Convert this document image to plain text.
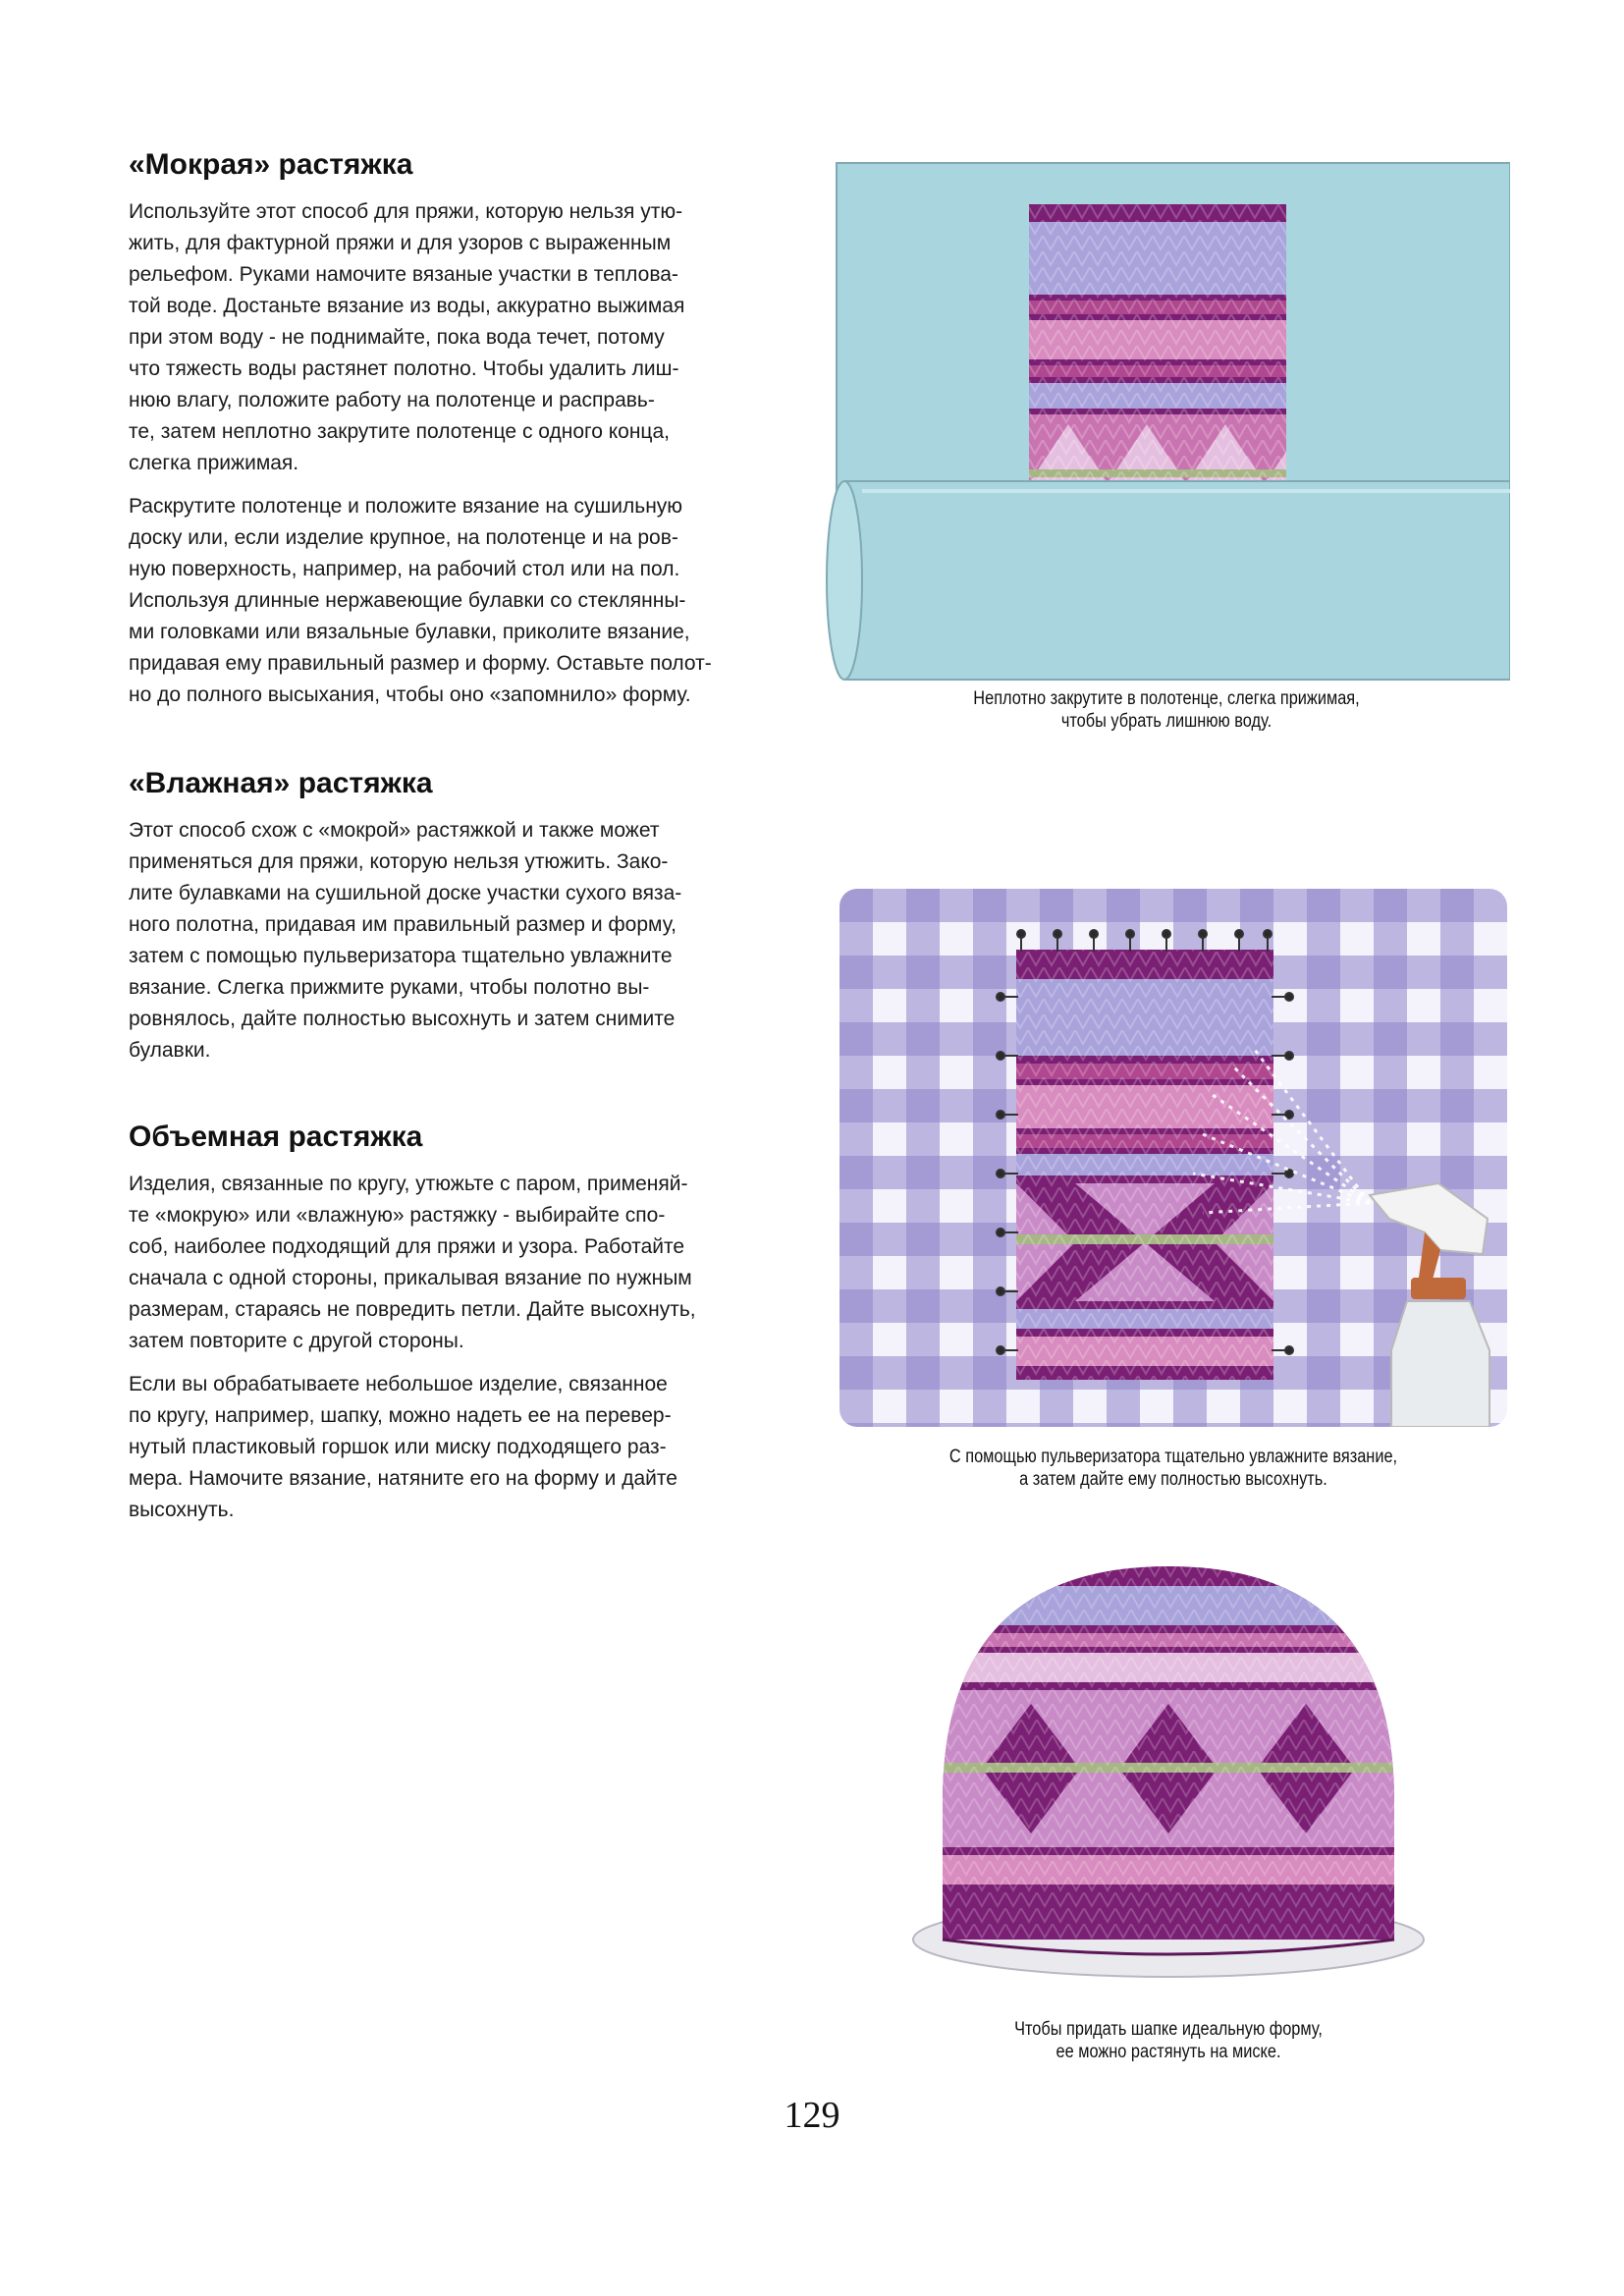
«Мокрая» растяжка

Используйте этот способ для пряжи, которую нельзя утю-
жить, для фактурной пряжи и для узоров с выраженным
рельефом. Руками намочите вязаные участки в теплова-
той воде. Достаньте вязание из воды, аккуратно выжимая
при этом воду - не поднимайте, пока вода течет, потому
что тяжесть воды растянет полотно. Чтобы удалить лиш-
нюю влагу, положите работу на полотенце и расправь-
те, затем неплотно закрутите полотенце с одного конца,
слегка прижимая.

Раскрутите полотенце и положите вязание на сушильную
доску или, если изделие крупное, на полотенце и на ров-
ную поверхность, например, на рабочий стол или на пол.
Используя длинные нержавеющие булавки со стеклянны-
ми головками или вязальные булавки, приколите вязание,
придавая ему правильный размер и форму. Оставьте полот-
но до полного высыхания, чтобы оно «запомнило» форму.

«Влажная» растяжка

Этот способ схож с «мокрой» растяжкой и также может
применяться для пряжи, которую нельзя утюжить. Зако-
лите булавками на сушильной доске участки сухого вяза-
ного полотна, придавая им правильный размер и форму,
затем с помощью пульверизатора тщательно увлажните
вязание. Слегка прижмите руками, чтобы полотно вы-
ровнялось, дайте полностью высохнуть и затем снимите
булавки.

Объемная растяжка

Изделия, связанные по кругу, утюжьте с паром, применяй-
те «мокрую» или «влажную» растяжку - выбирайте спо-
соб, наиболее подходящий для пряжи и узора. Работайте
сначала с одной стороны, прикалывая вязание по нужным
размерам, стараясь не повредить петли. Дайте высохнуть,
затем повторите с другой стороны.

Если вы обрабатываете небольшое изделие, связанное
по кругу, например, шапку, можно надеть ее на перевер-
нутый пластиковый горшок или миску подходящего раз-
мера. Намочите вязание, натяните его на форму и дайте
высохнуть.

Неплотно закрутите в полотенце, слегка прижимая,
чтобы убрать лишнюю воду.
С помощью пульверизатора тщательно увлажните вязание,
а затем дайте ему полностью высохнуть.
Чтобы придать шапке идеальную форму,
ее можно растянуть на миске.
129
